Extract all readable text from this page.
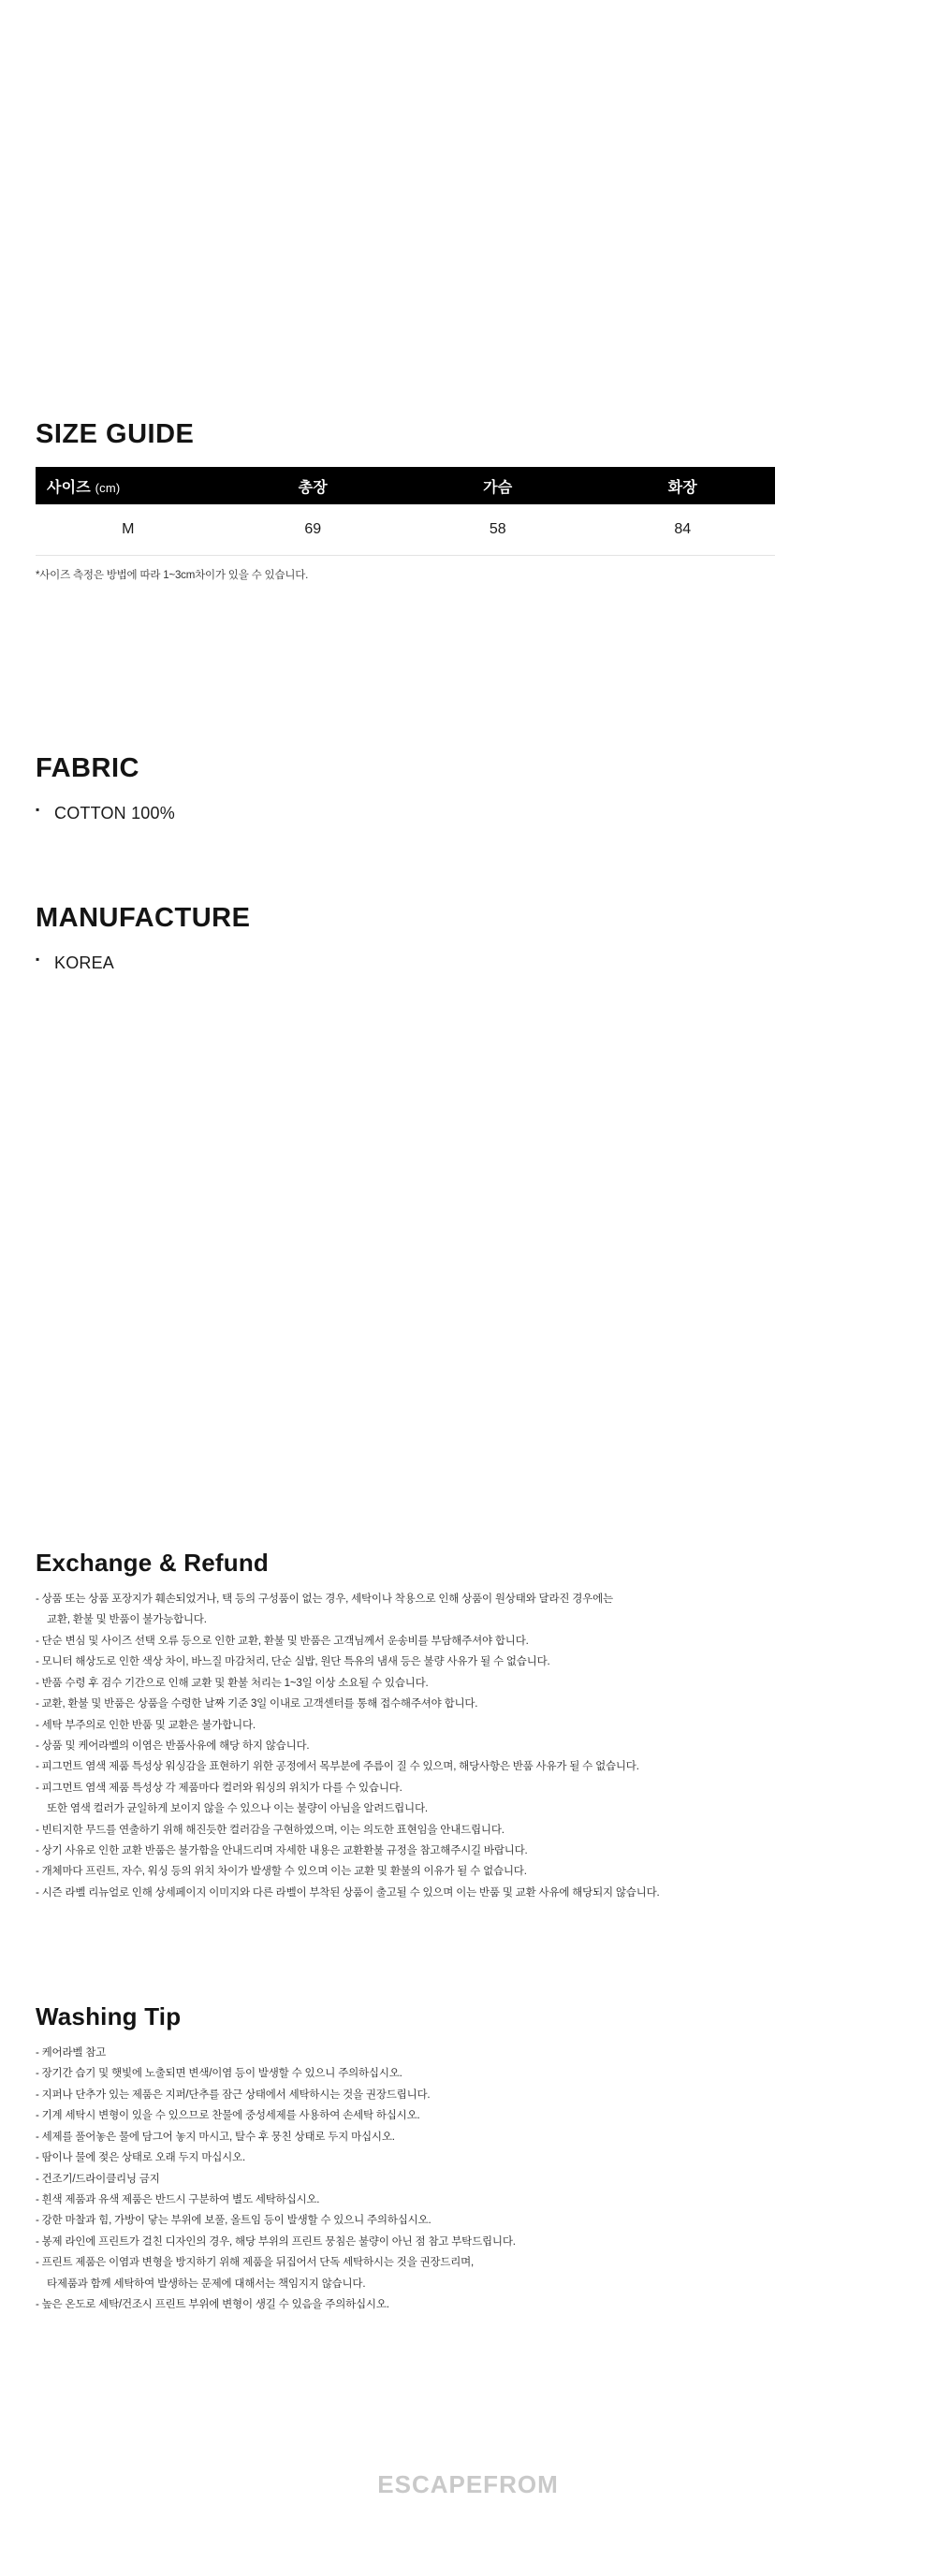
SIZE GUIDE
사이즈 (cm)	총장	가슴	화장
M	69	58	84
*사이즈 측정은 방법에 따라 1~3cm차이가 있을 수 있습니다.
FABRIC
▪ COTTON 100%
MANUFACTURE
▪ KOREA
Exchange & Refund
- 상품 또는 상품 포장지가 훼손되었거나, 택 등의 구성품이 없는 경우, 세탁이나 착용으로 인해 상품이 원상태와 달라진 경우에는
교환, 환불 및 반품이 불가능합니다.
- 단순 변심 및 사이즈 선택 오류 등으로 인한 교환, 환불 및 반품은 고객님께서 운송비를 부담해주셔야 합니다.
- 모니터 해상도로 인한 색상 차이, 바느질 마감처리, 단순 실밥, 원단 특유의 냄새 등은 불량 사유가 될 수 없습니다.
- 반품 수령 후 검수 기간으로 인해 교환 및 환불 처리는 1~3일 이상 소요될 수 있습니다.
- 교환, 환불 및 반품은 상품을 수령한 날짜 기준 3일 이내로 고객센터를 통해 접수해주셔야 합니다.
- 세탁 부주의로 인한 반품 및 교환은 불가합니다.
- 상품 및 케어라벨의 이염은 반품사유에 해당 하지 않습니다.
- 피그먼트 염색 제품 특성상 워싱감을 표현하기 위한 공정에서 목부분에 주름이 질 수 있으며, 해당사항은 반품 사유가 될 수 없습니다.
- 피그먼트 염색 제품 특성상 각 제품마다 컬러와 워싱의 위치가 다를 수 있습니다.
또한 염색 컬러가 균일하게 보이지 않을 수 있으나 이는 불량이 아님을 알려드립니다.
- 빈티지한 무드를 연출하기 위해 해진듯한 컬러감을 구현하였으며, 이는 의도한 표현임을 안내드립니다.
- 상기 사유로 인한 교환 반품은 불가함을 안내드리며 자세한 내용은 교환환불 규정을 참고해주시길 바랍니다.
- 개체마다 프린트, 자수, 워싱 등의 위치 차이가 발생할 수 있으며 이는 교환 및 환불의 이유가 될 수 없습니다.
- 시즌 라벨 리뉴얼로 인해 상세페이지 이미지와 다른 라벨이 부착된 상품이 출고될 수 있으며 이는 반품 및 교환 사유에 해당되지 않습니다.
Washing Tip
- 케어라벨 참고
- 장기간 습기 및 햇빛에 노출되면 변색/이염 등이 발생할 수 있으니 주의하십시오.
- 지퍼나 단추가 있는 제품은 지퍼/단추를 잠근 상태에서 세탁하시는 것을 권장드립니다.
- 기계 세탁시 변형이 있을 수 있으므로 찬물에 중성세제를 사용하여 손세탁 하십시오.
- 세제를 풀어놓은 물에 담그어 놓지 마시고, 탈수 후 뭉친 상태로 두지 마십시오.
- 땀이나 물에 젖은 상태로 오래 두지 마십시오.
- 건조기/드라이클리닝 금지
- 흰색 제품과 유색 제품은 반드시 구분하여 별도 세탁하십시오.
- 강한 마찰과 힘, 가방이 닿는 부위에 보풀, 올트임 등이 발생할 수 있으니 주의하십시오.
- 봉제 라인에 프린트가 걸친 디자인의 경우, 해당 부위의 프린트 뭉침은 불량이 아닌 점 참고 부탁드립니다.
- 프린트 제품은 이염과 변형을 방지하기 위해 제품을 뒤집어서 단독 세탁하시는 것을 권장드리며,
타제품과 함께 세탁하여 발생하는 문제에 대해서는 책임지지 않습니다.
- 높은 온도로 세탁/건조시 프린트 부위에 변형이 생길 수 있음을 주의하십시오.
ESCAPEFROM
